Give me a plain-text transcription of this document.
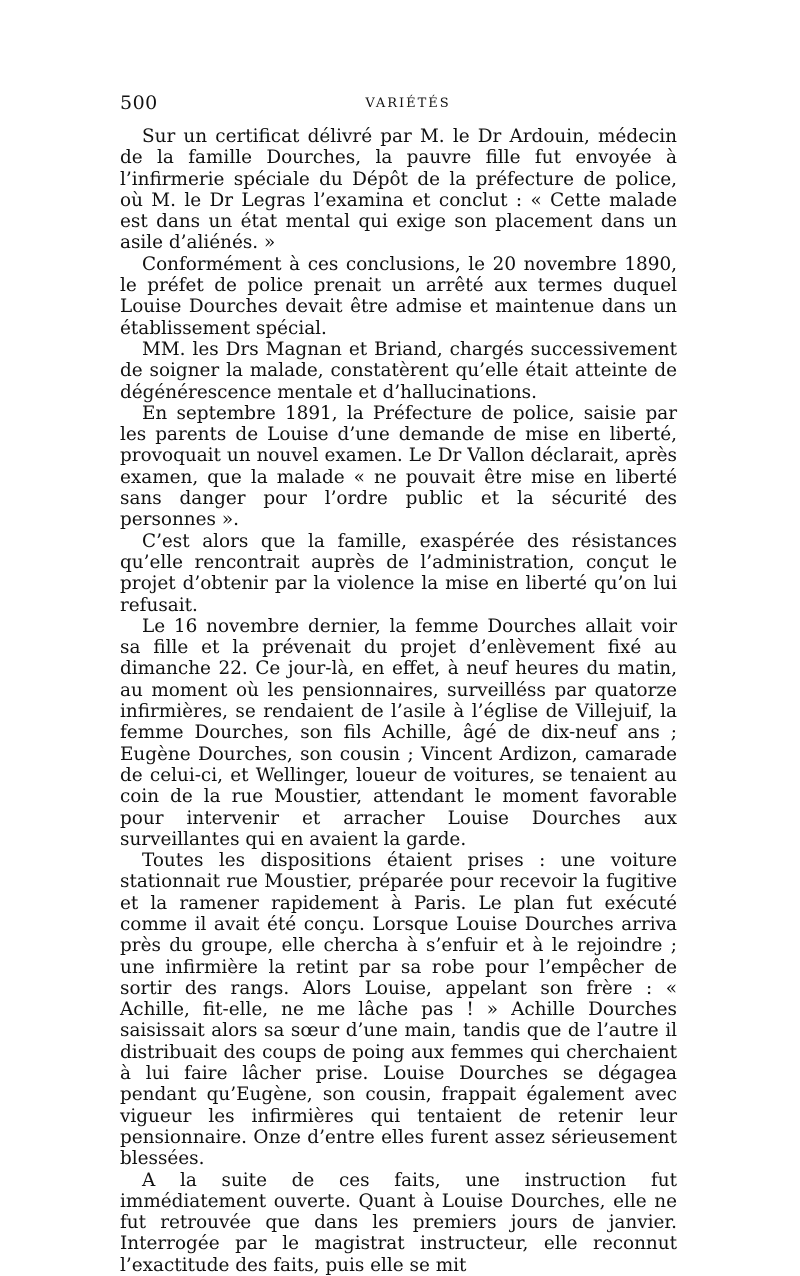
500	VARIÉTÉS

Sur un certificat délivré par M. le Dr Ardouin, médecin de la famille Dourches, la pauvre fille fut envoyée à l’infirmerie spéciale du Dépôt de la préfecture de police, où M. le Dr Legras l’examina et conclut : « Cette malade est dans un état mental qui exige son placement dans un asile d’aliénés. »

Conformément à ces conclusions, le 20 novembre 1890, le préfet de police prenait un arrêté aux termes duquel Louise Dourches devait être admise et maintenue dans un établissement spécial.

MM. les Drs Magnan et Briand, chargés successivement de soigner la malade, constatèrent qu’elle était atteinte de dégénérescence mentale et d’hallucinations.

En septembre 1891, la Préfecture de police, saisie par les parents de Louise d’une demande de mise en liberté, provoquait un nouvel examen. Le Dr Vallon déclarait, après examen, que la malade « ne pouvait être mise en liberté sans danger pour l’ordre public et la sécurité des personnes ».

C’est alors que la famille, exaspérée des résistances qu’elle rencontrait auprès de l’administration, conçut le projet d’obtenir par la violence la mise en liberté qu’on lui refusait.

Le 16 novembre dernier, la femme Dourches allait voir sa fille et la prévenait du projet d’enlèvement fixé au dimanche 22. Ce jour-là, en effet, à neuf heures du matin, au moment où les pensionnaires, surveilléss par quatorze infirmières, se rendaient de l’asile à l’église de Villejuif, la femme Dourches, son fils Achille, âgé de dix-neuf ans ; Eugène Dourches, son cousin ; Vincent Ardizon, camarade de celui-ci, et Wellinger, loueur de voitures, se tenaient au coin de la rue Moustier, attendant le moment favorable pour intervenir et arracher Louise Dourches aux surveillantes qui en avaient la garde.

Toutes les dispositions étaient prises : une voiture stationnait rue Moustier, préparée pour recevoir la fugitive et la ramener rapidement à Paris. Le plan fut exécuté comme il avait été conçu. Lorsque Louise Dourches arriva près du groupe, elle chercha à s’enfuir et à le rejoindre ; une infirmière la retint par sa robe pour l’empêcher de sortir des rangs. Alors Louise, appelant son frère : « Achille, fit-elle, ne me lâche pas ! » Achille Dourches saisissait alors sa sœur d’une main, tandis que de l’autre il distribuait des coups de poing aux femmes qui cherchaient à lui faire lâcher prise. Louise Dourches se dégagea pendant qu’Eugène, son cousin, frappait également avec vigueur les infirmières qui tentaient de retenir leur pensionnaire. Onze d’entre elles furent assez sérieusement blessées.

A la suite de ces faits, une instruction fut immédiatement ouverte. Quant à Louise Dourches, elle ne fut retrouvée que dans les premiers jours de janvier. Interrogée par le magistrat instructeur, elle reconnut l’exactitude des faits, puis elle se mit
